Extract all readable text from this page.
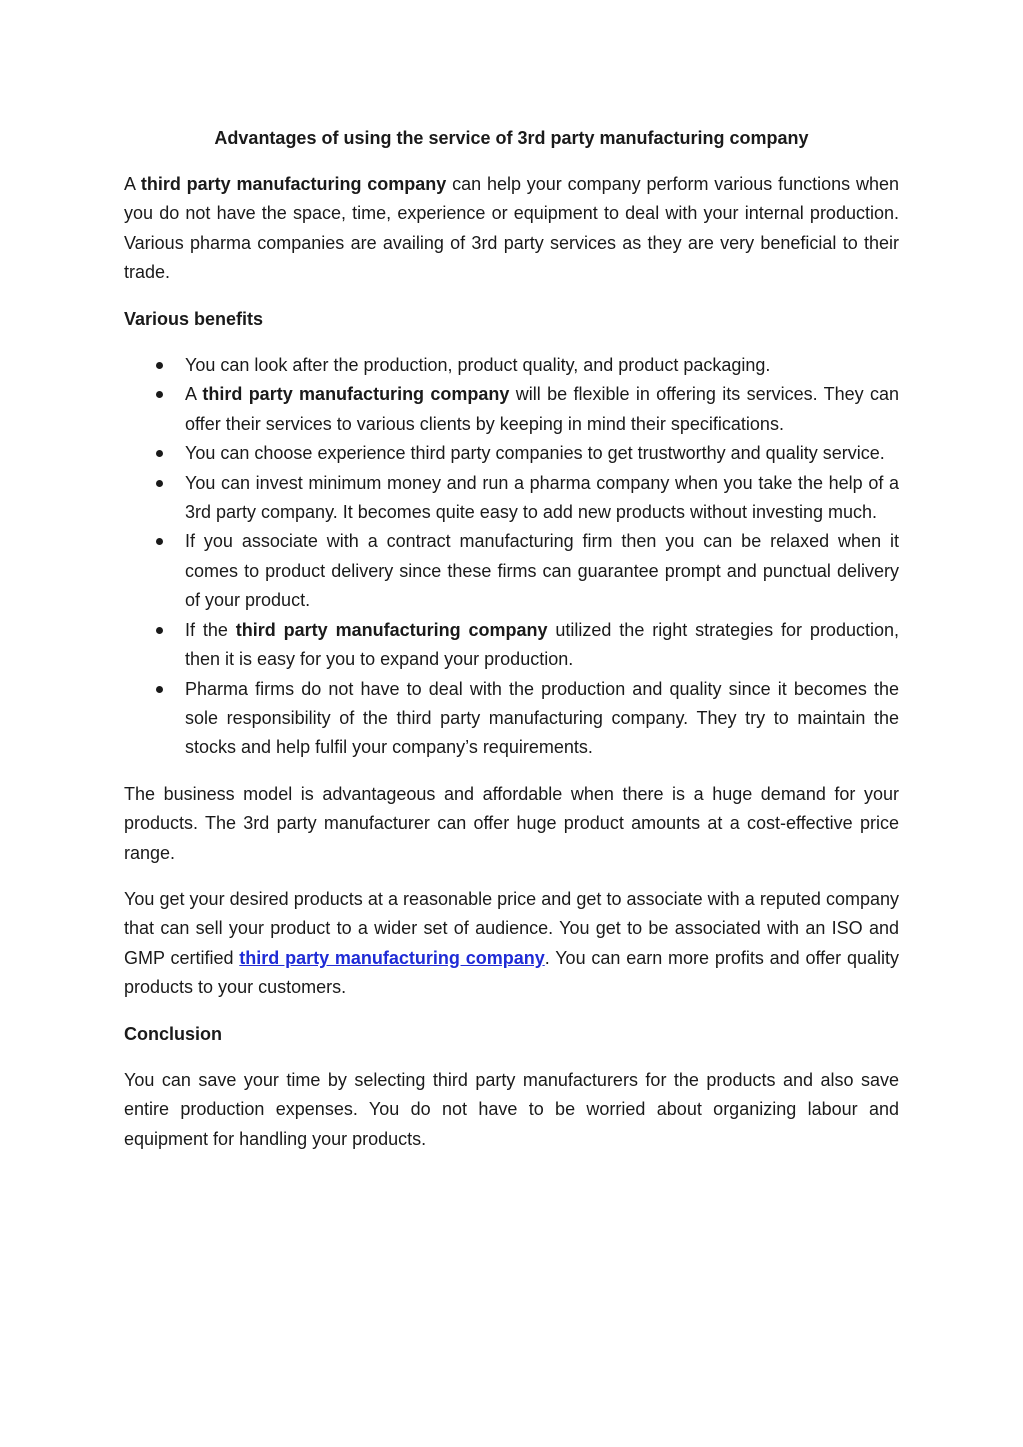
Advantages of using the service of 3rd party manufacturing company

A third party manufacturing company can help your company perform various functions when you do not have the space, time, experience or equipment to deal with your internal production. Various pharma companies are availing of 3rd party services as they are very beneficial to their trade.

Various benefits
You can look after the production, product quality, and product packaging.
A third party manufacturing company will be flexible in offering its services. They can offer their services to various clients by keeping in mind their specifications.
You can choose experience third party companies to get trustworthy and quality service.
You can invest minimum money and run a pharma company when you take the help of a 3rd party company. It becomes quite easy to add new products without investing much.
If you associate with a contract manufacturing firm then you can be relaxed when it comes to product delivery since these firms can guarantee prompt and punctual delivery of your product.
If the third party manufacturing company utilized the right strategies for production, then it is easy for you to expand your production.
Pharma firms do not have to deal with the production and quality since it becomes the sole responsibility of the third party manufacturing company. They try to maintain the stocks and help fulfil your company’s requirements.

The business model is advantageous and affordable when there is a huge demand for your products. The 3rd party manufacturer can offer huge product amounts at a cost-effective price range.

You get your desired products at a reasonable price and get to associate with a reputed company that can sell your product to a wider set of audience. You get to be associated with an ISO and GMP certified third party manufacturing company. You can earn more profits and offer quality products to your customers.

Conclusion

You can save your time by selecting third party manufacturers for the products and also save entire production expenses. You do not have to be worried about organizing labour and equipment for handling your products.
